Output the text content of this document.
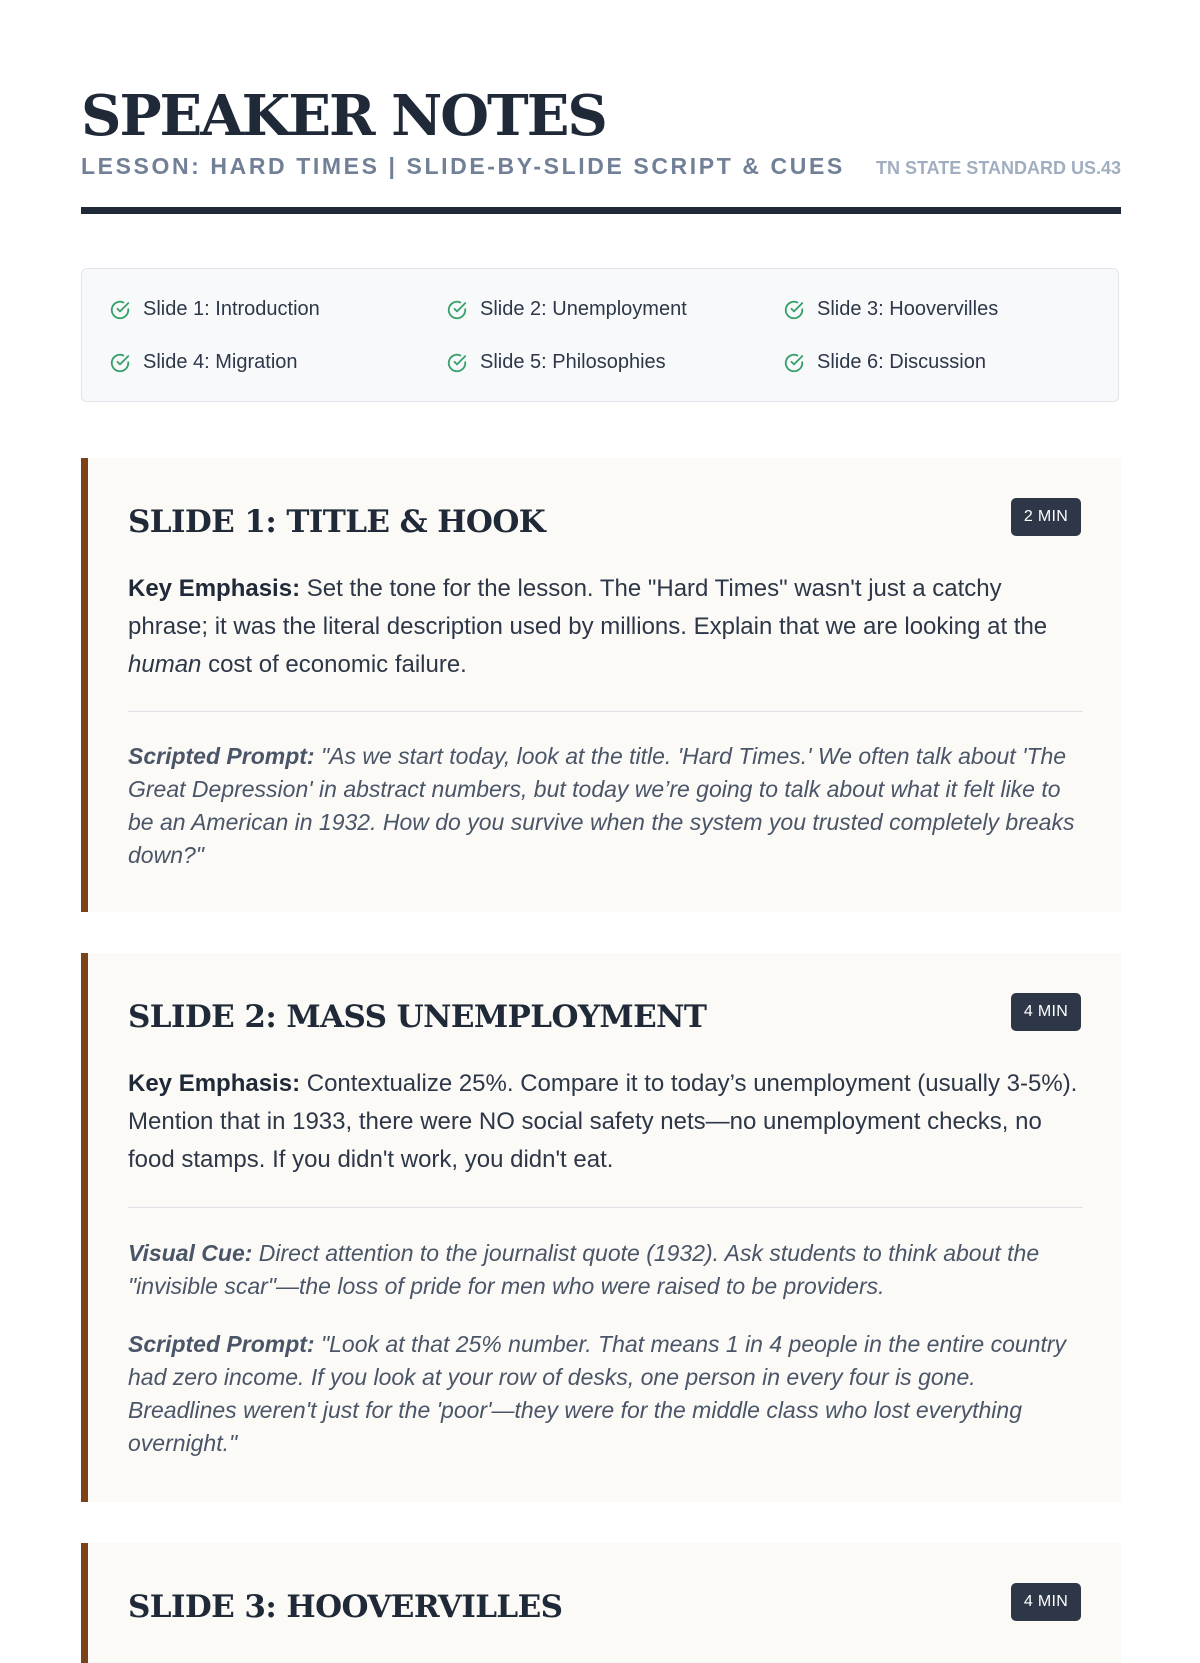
SPEAKER NOTES
LESSON: HARD TIMES | SLIDE-BY-SLIDE SCRIPT & CUES TN STATE STANDARD US.43
Slide 1: Introduction	Slide 2: Unemployment	Slide 3: Hoovervilles
Slide 4: Migration	Slide 5: Philosophies	Slide 6: Discussion
SLIDE 1: TITLE & HOOK	2 MIN
Key Emphasis: Set the tone for the lesson. The "Hard Times" wasn't just a catchy phrase; it was the literal description used by millions. Explain that we are looking at the human cost of economic failure.
Scripted Prompt: "As we start today, look at the title. 'Hard Times.' We often talk about 'The Great Depression' in abstract numbers, but today we’re going to talk about what it felt like to be an American in 1932. How do you survive when the system you trusted completely breaks down?"
SLIDE 2: MASS UNEMPLOYMENT	4 MIN
Key Emphasis: Contextualize 25%. Compare it to today’s unemployment (usually 3-5%). Mention that in 1933, there were NO social safety nets—no unemployment checks, no food stamps. If you didn't work, you didn't eat.
Visual Cue: Direct attention to the journalist quote (1932). Ask students to think about the "invisible scar"—the loss of pride for men who were raised to be providers.
Scripted Prompt: "Look at that 25% number. That means 1 in 4 people in the entire country had zero income. If you look at your row of desks, one person in every four is gone. Breadlines weren't just for the 'poor'—they were for the middle class who lost everything overnight."
SLIDE 3: HOOVERVILLES	4 MIN
